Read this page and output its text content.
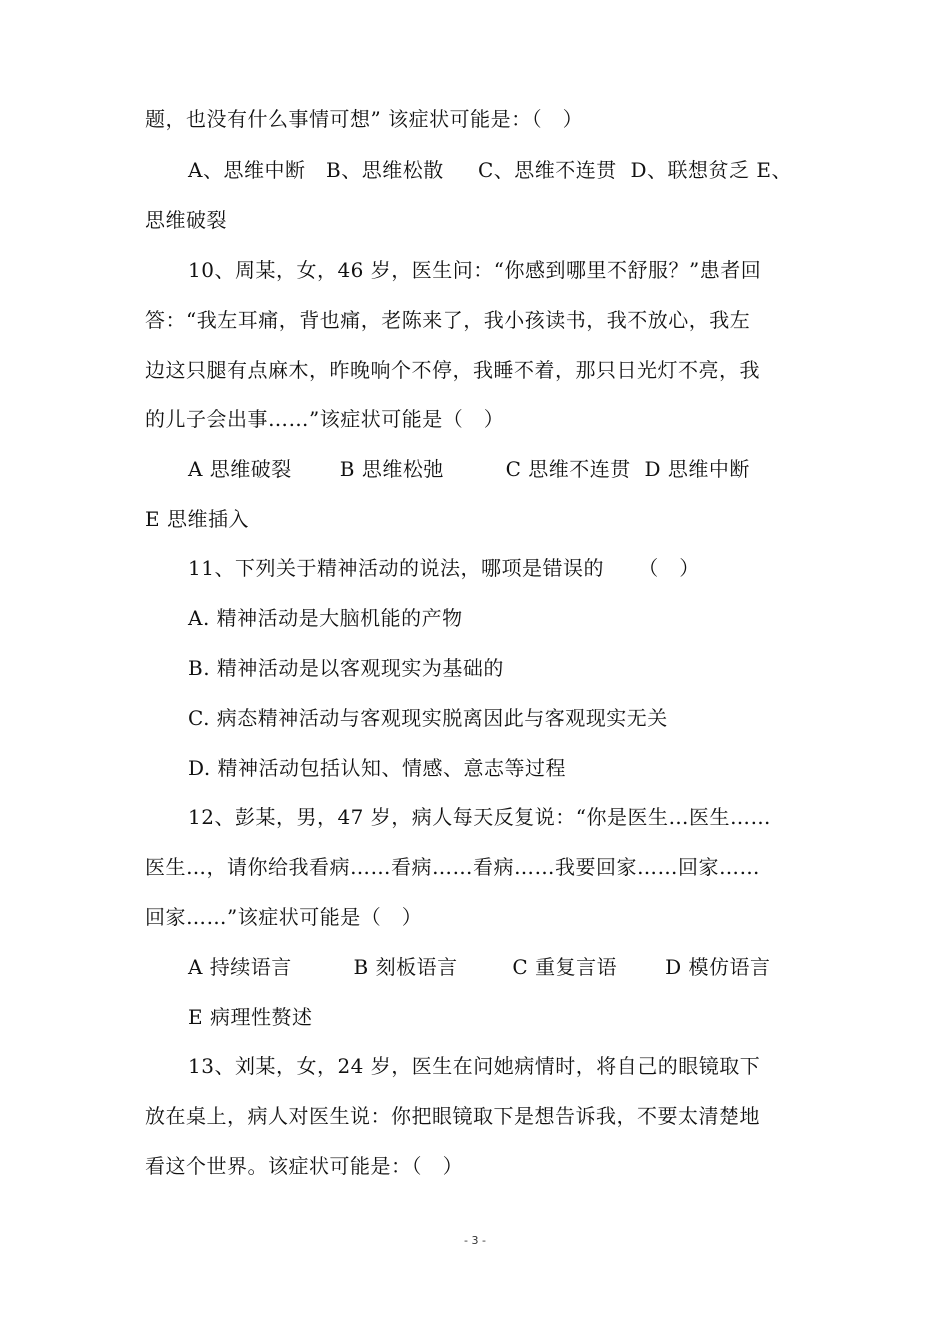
题，也没有什么事情可想” 该症状可能是：（   ）
A、思维中断   B、思维松散     C、思维不连贯  D、联想贫乏 E、
思维破裂
10、周某，女，46 岁，医生问：“你感到哪里不舒服？”患者回
答：“我左耳痛，背也痛，老陈来了，我小孩读书，我不放心，我左
边这只腿有点麻木，昨晚响个不停，我睡不着，那只日光灯不亮，我
的儿子会出事……”该症状可能是（   ）
A 思维破裂       B 思维松弛         C 思维不连贯  D 思维中断
E 思维插入
11、下列关于精神活动的说法，哪项是错误的     （   ）
A. 精神活动是大脑机能的产物
B. 精神活动是以客观现实为基础的
C. 病态精神活动与客观现实脱离因此与客观现实无关
D. 精神活动包括认知、情感、意志等过程
12、彭某，男，47 岁，病人每天反复说：“你是医生…医生……
医生…，请你给我看病……看病……看病……我要回家……回家……
回家……”该症状可能是（   ）
A 持续语言         B 刻板语言        C 重复言语       D 模仿语言
E 病理性赘述
13、刘某，女，24 岁，医生在问她病情时，将自己的眼镜取下
放在桌上，病人对医生说：你把眼镜取下是想告诉我，不要太清楚地
看这个世界。该症状可能是：（   ）
- 3 -
